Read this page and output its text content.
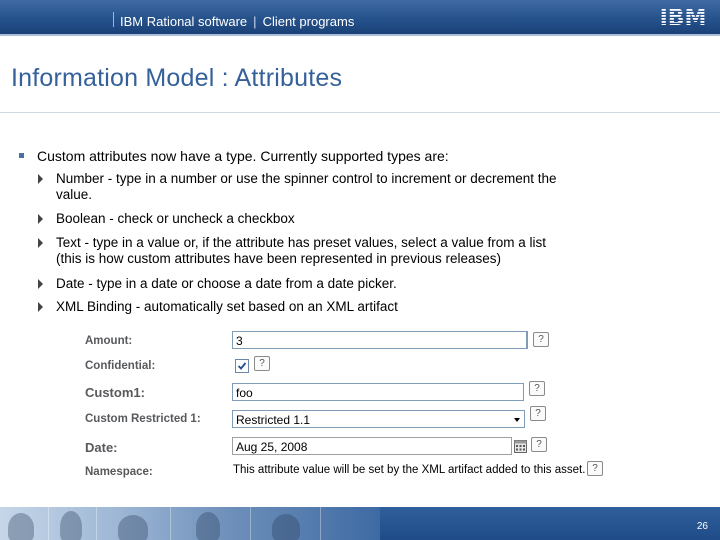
IBM Rational software | Client programs	IBM
Information Model : Attributes
Custom attributes now have a type. Currently supported types are:
Number - type in a number or use the spinner control to increment or decrement the
value.
Boolean - check or uncheck a checkbox
Text - type in a value or, if the attribute has preset values, select a value from a list
(this is how custom attributes have been represented in previous releases)
Date - type in a date or choose a date from a date picker.
XML Binding - automatically set based on an XML artifact
Amount:	3	?
Confidential:	?
Custom1:	foo	?
Custom Restricted 1:	Restricted 1.1	?
Date:	Aug 25, 2008	?
Namespace:	This attribute value will be set by the XML artifact added to this asset. ?
26
